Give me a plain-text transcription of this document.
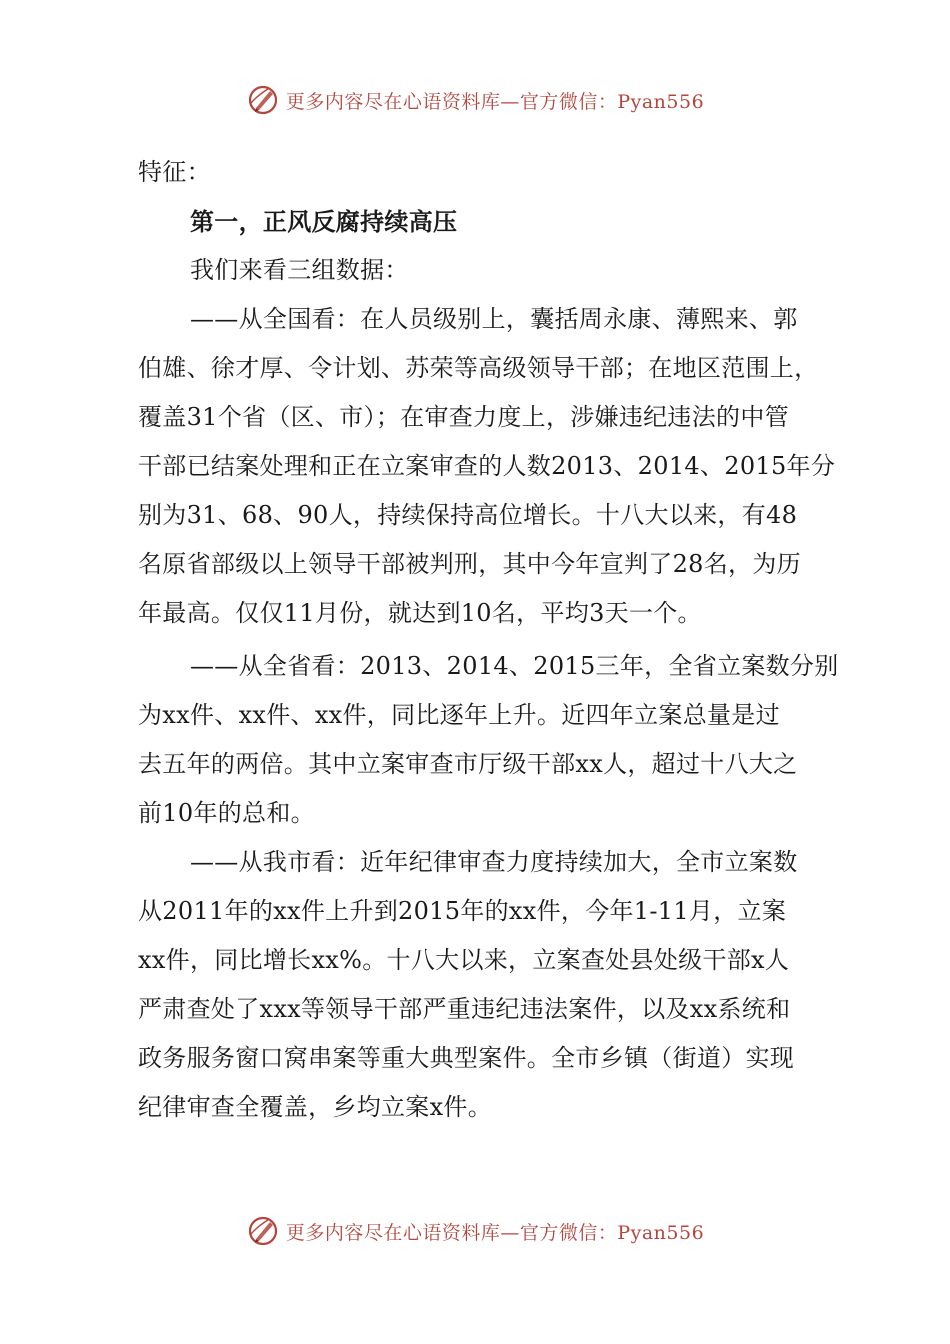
更多内容尽在心语资料库—官方微信：Pyan556
特征：
第一，正风反腐持续高压
我们来看三组数据：
——从全国看：在人员级别上，囊括周永康、薄熙来、郭
伯雄、徐才厚、令计划、苏荣等高级领导干部；在地区范围上，
覆盖31个省（区、市）；在审查力度上，涉嫌违纪违法的中管
干部已结案处理和正在立案审查的人数2013、2014、2015年分
别为31、68、90人，持续保持高位增长。十八大以来，有48
名原省部级以上领导干部被判刑，其中今年宣判了28名，为历
年最高。仅仅11月份，就达到10名，平均3天一个。
——从全省看：2013、2014、2015三年，全省立案数分别
为xx件、xx件、xx件，同比逐年上升。近四年立案总量是过
去五年的两倍。其中立案审查市厅级干部xx人，超过十八大之
前10年的总和。
——从我市看：近年纪律审查力度持续加大，全市立案数
从2011年的xx件上升到2015年的xx件，今年1-11月，立案
xx件，同比增长xx%。十八大以来，立案查处县处级干部x人
严肃查处了xxx等领导干部严重违纪违法案件，以及xx系统和
政务服务窗口窝串案等重大典型案件。全市乡镇（街道）实现
纪律审查全覆盖，乡均立案x件。
更多内容尽在心语资料库—官方微信：Pyan556
